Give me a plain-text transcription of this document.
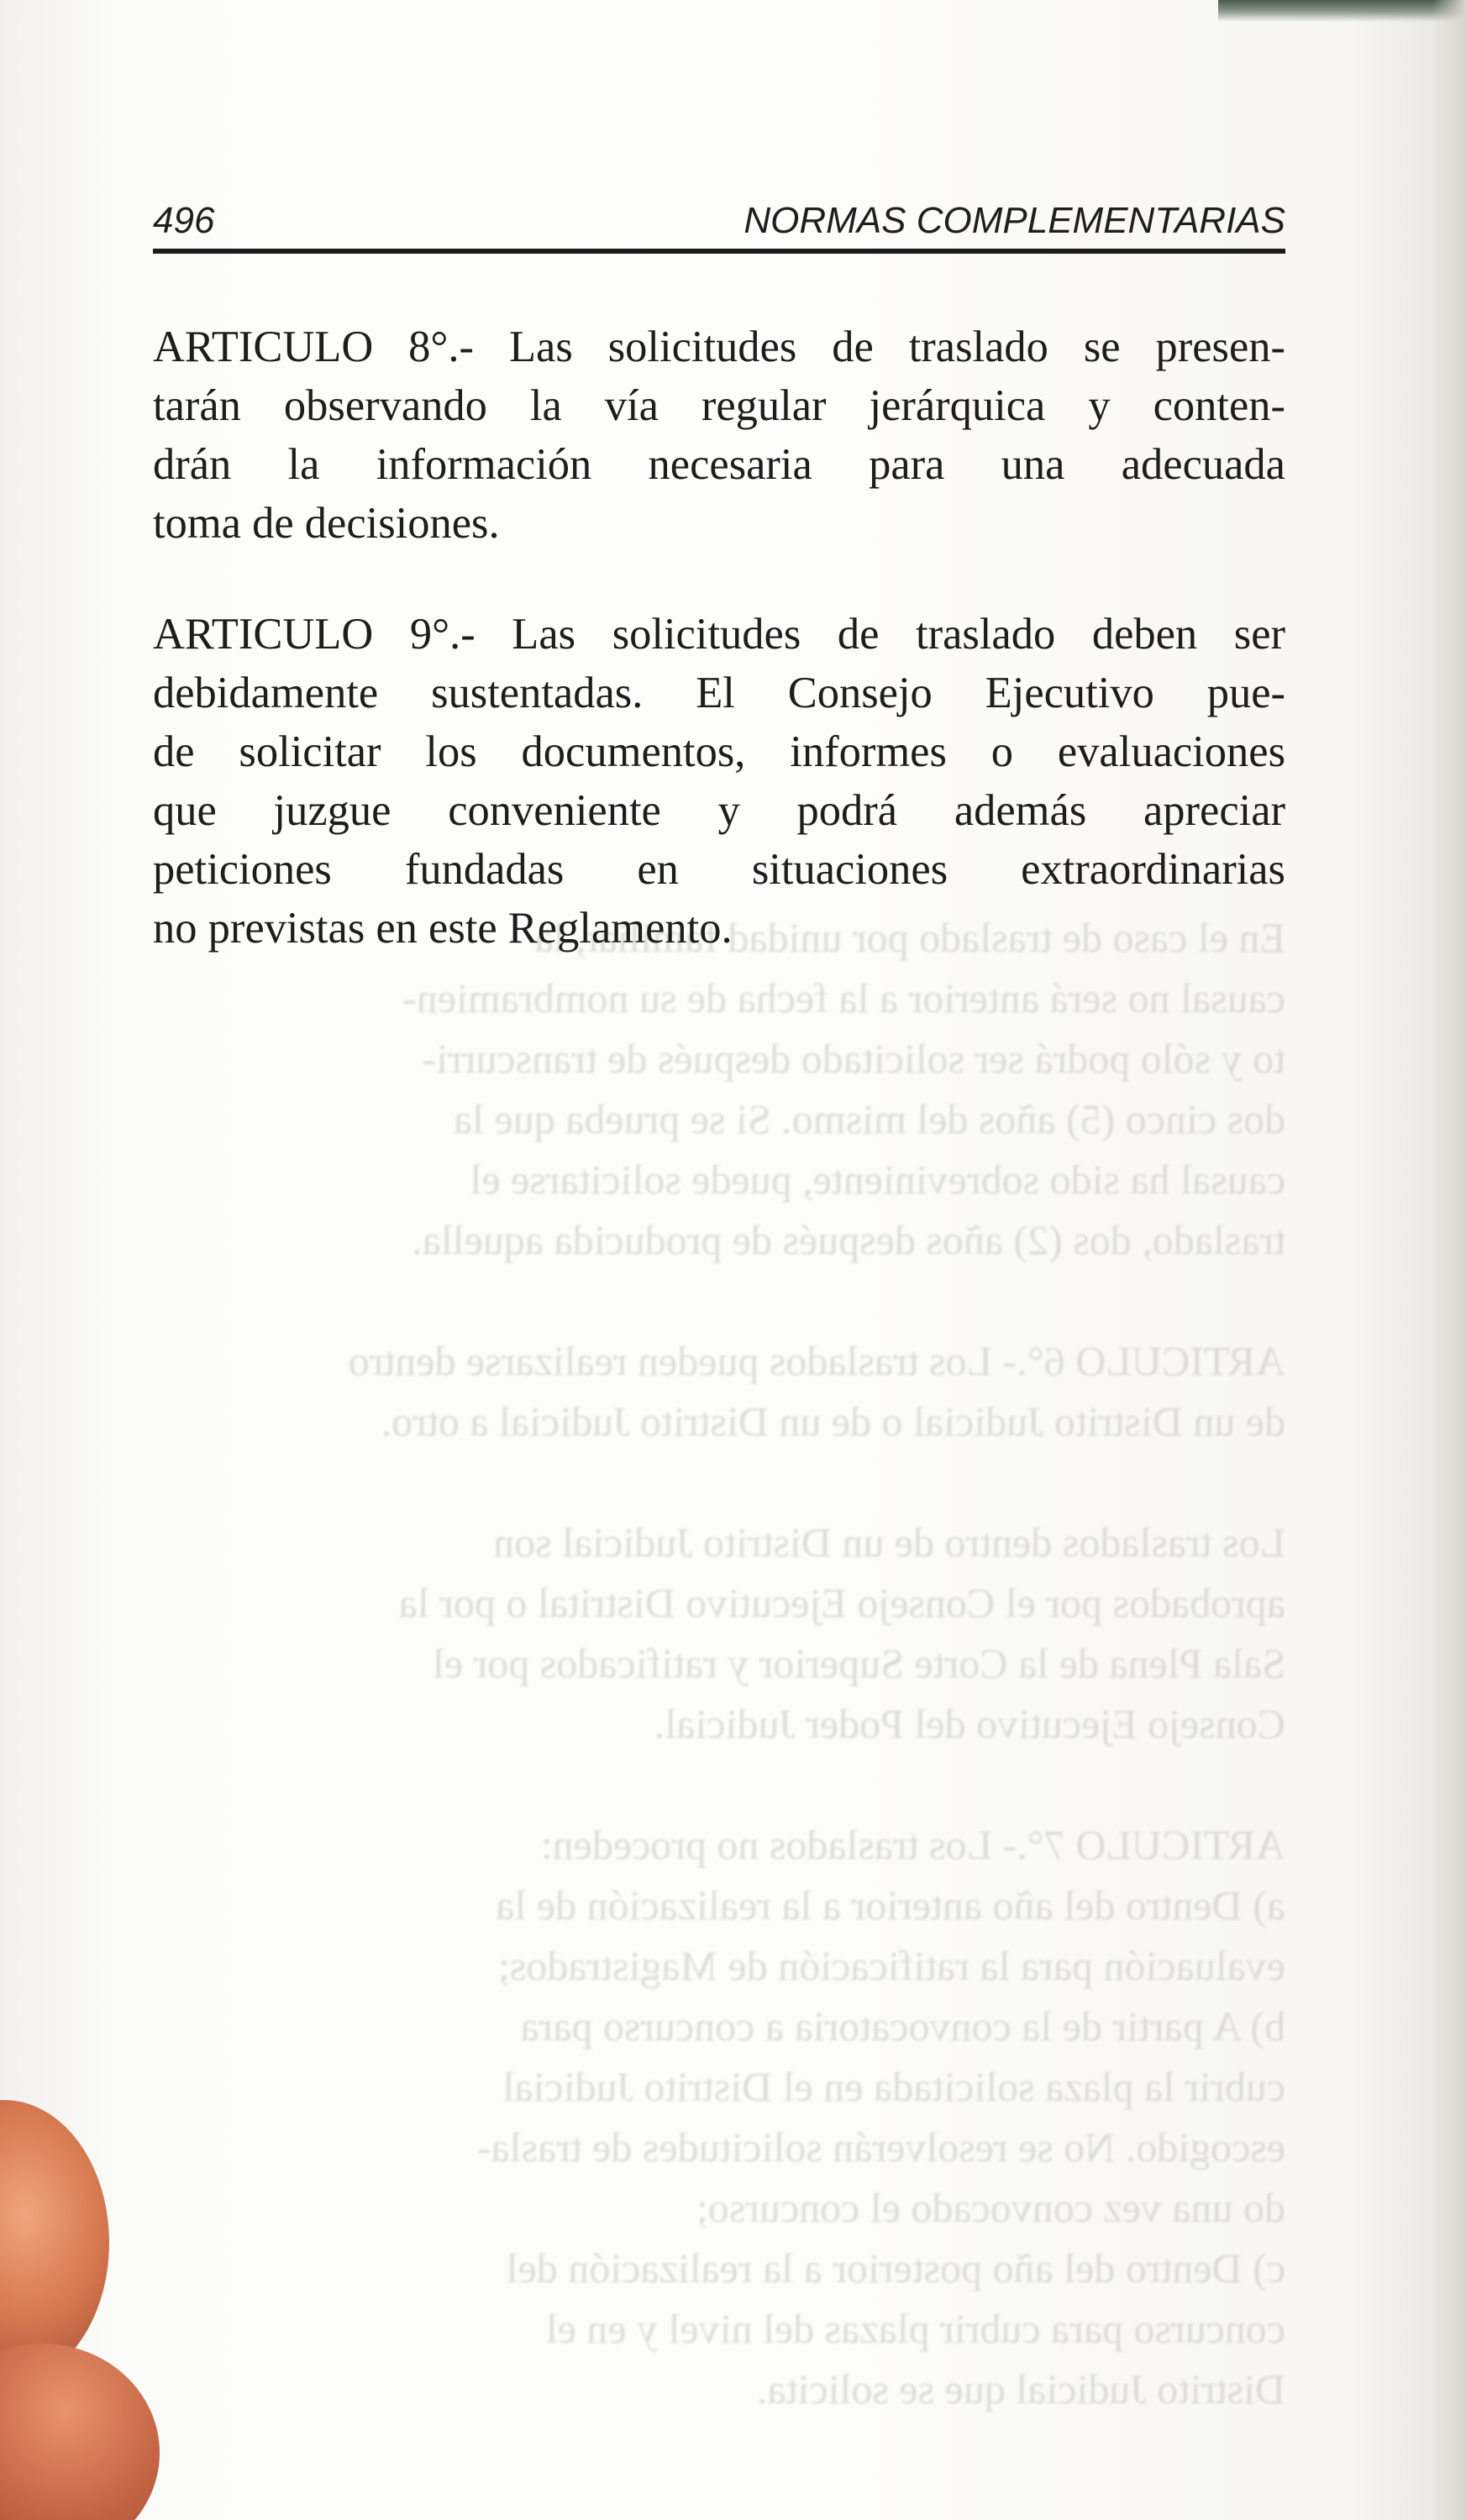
En el caso de traslado por unidad familiar, la
causal no será anterior a la fecha de su nombramien-
to y sólo podrá ser solicitado después de transcurri-
dos cinco (5) años del mismo. Si se prueba que la
causal ha sido sobreviniente, puede solicitarse el
traslado, dos (2) años después de producida aquella.

ARTICULO 6°.- Los traslados pueden realizarse dentro
de un Distrito Judicial o de un Distrito Judicial a otro.

Los traslados dentro de un Distrito Judicial son
aprobados por el Consejo Ejecutivo Distrital o por la
Sala Plena de la Corte Superior y ratificados por el
Consejo Ejecutivo del Poder Judicial.

ARTICULO 7°.- Los traslados no proceden:
a) Dentro del año anterior a la realización de la
evaluación para la ratificación de Magistrados;
b) A partir de la convocatoria a concurso para
cubrir la plaza solicitada en el Distrito Judicial
escogido. No se resolverán solicitudes de trasla-
do una vez convocado el concurso;
c) Dentro del año posterior a la realización del
concurso para cubrir plazas del nivel y en el
Distrito Judicial que se solicita.
496	NORMAS COMPLEMENTARIAS
ARTICULO 8°.- Las solicitudes de traslado se presen-
tarán observando la vía regular jerárquica y conten-
drán la información necesaria para una adecuada
toma de decisiones.
ARTICULO 9°.- Las solicitudes de traslado deben ser
debidamente sustentadas. El Consejo Ejecutivo pue-
de solicitar los documentos, informes o evaluaciones
que juzgue conveniente y podrá además apreciar
peticiones fundadas en situaciones extraordinarias
no previstas en este Reglamento.
